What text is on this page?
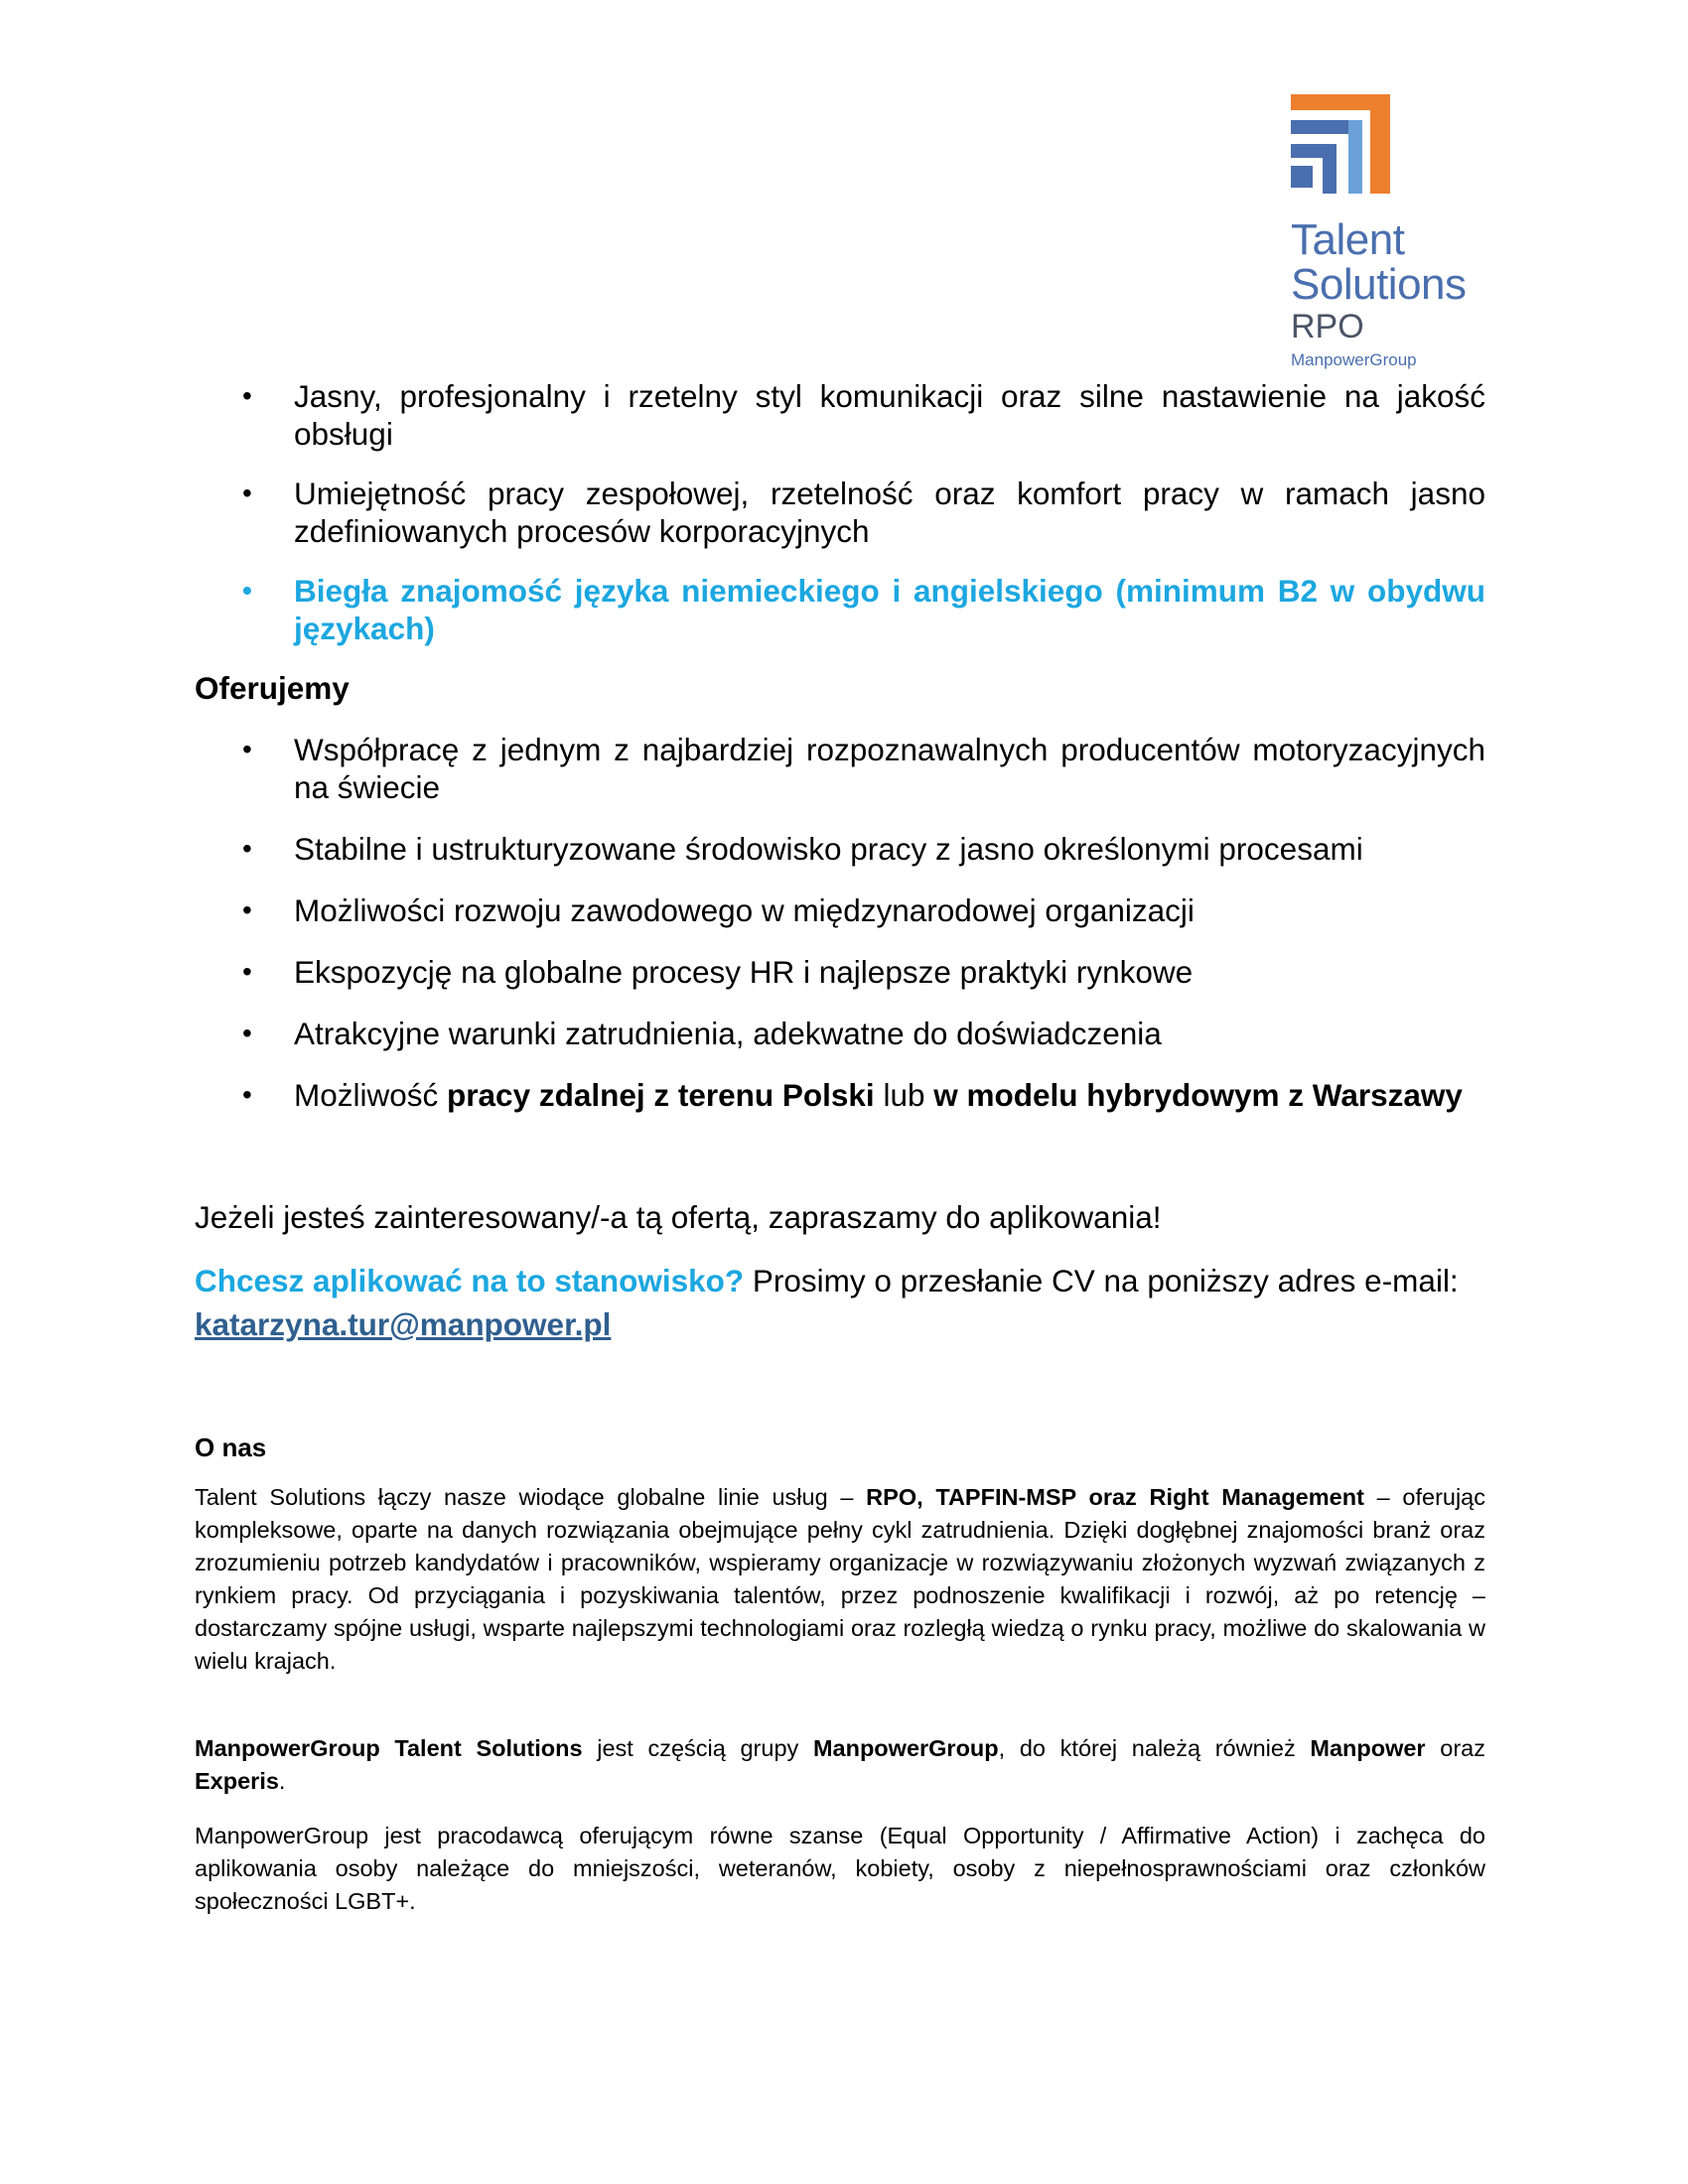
Talent
Solutions
RPO
ManpowerGroup
• Jasny, profesjonalny i rzetelny styl komunikacji oraz silne nastawienie na jakość obsługi
• Umiejętność pracy zespołowej, rzetelność oraz komfort pracy w ramach jasno zdefiniowanych procesów korporacyjnych
• Biegła znajomość języka niemieckiego i angielskiego (minimum B2 w obydwu językach)
Oferujemy
• Współpracę z jednym z najbardziej rozpoznawalnych producentów motoryzacyjnych na świecie
• Stabilne i ustrukturyzowane środowisko pracy z jasno określonymi procesami
• Możliwości rozwoju zawodowego w międzynarodowej organizacji
• Ekspozycję na globalne procesy HR i najlepsze praktyki rynkowe
• Atrakcyjne warunki zatrudnienia, adekwatne do doświadczenia
• Możliwość pracy zdalnej z terenu Polski lub w modelu hybrydowym z Warszawy

Jeżeli jesteś zainteresowany/-a tą ofertą, zapraszamy do aplikowania!

Chcesz aplikować na to stanowisko? Prosimy o przesłanie CV na poniższy adres e-mail: katarzyna.tur@manpower.pl

O nas

Talent Solutions łączy nasze wiodące globalne linie usług – RPO, TAPFIN-MSP oraz Right Management – oferując kompleksowe, oparte na danych rozwiązania obejmujące pełny cykl zatrudnienia. Dzięki dogłębnej znajomości branż oraz zrozumieniu potrzeb kandydatów i pracowników, wspieramy organizacje w rozwiązywaniu złożonych wyzwań związanych z rynkiem pracy. Od przyciągania i pozyskiwania talentów, przez podnoszenie kwalifikacji i rozwój, aż po retencję – dostarczamy spójne usługi, wsparte najlepszymi technologiami oraz rozległą wiedzą o rynku pracy, możliwe do skalowania w wielu krajach.

ManpowerGroup Talent Solutions jest częścią grupy ManpowerGroup, do której należą również Manpower oraz Experis.

ManpowerGroup jest pracodawcą oferującym równe szanse (Equal Opportunity / Affirmative Action) i zachęca do aplikowania osoby należące do mniejszości, weteranów, kobiety, osoby z niepełnosprawnościami oraz członków społeczności LGBT+.
